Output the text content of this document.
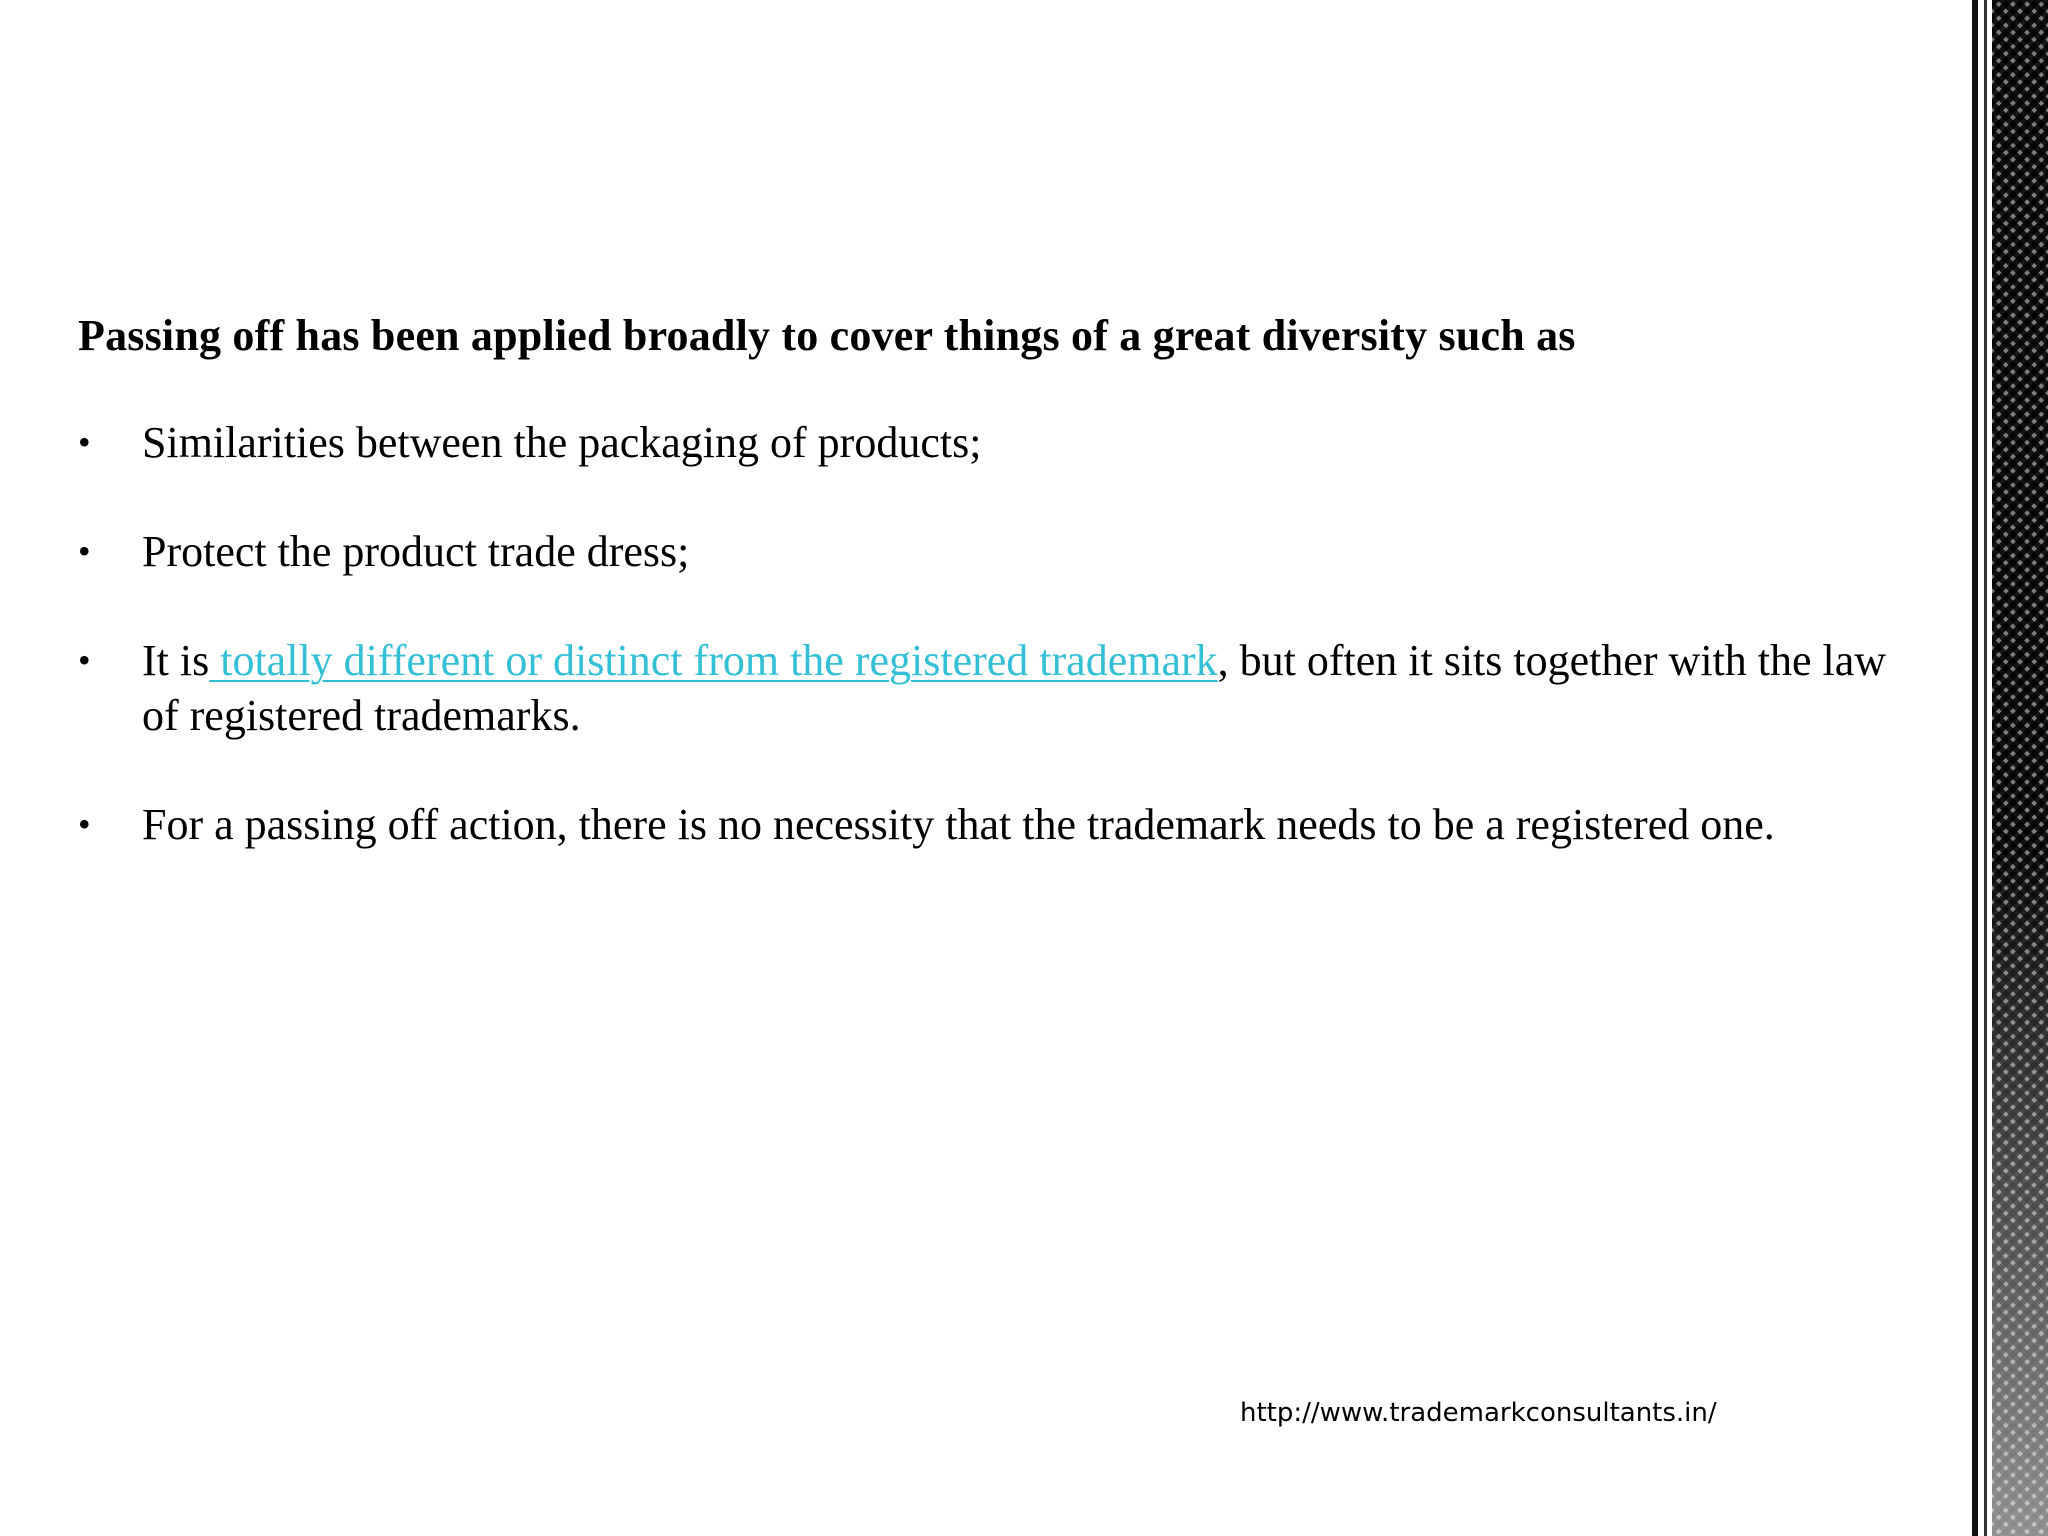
Passing off has been applied broadly to cover things of a great diversity such as
• Similarities between the packaging of products;
• Protect the product trade dress;
• It is totally different or distinct from the registered trademark, but often it sits together with the law of registered trademarks.
• For a passing off action, there is no necessity that the trademark needs to be a registered one.
http://www.trademarkconsultants.in/
